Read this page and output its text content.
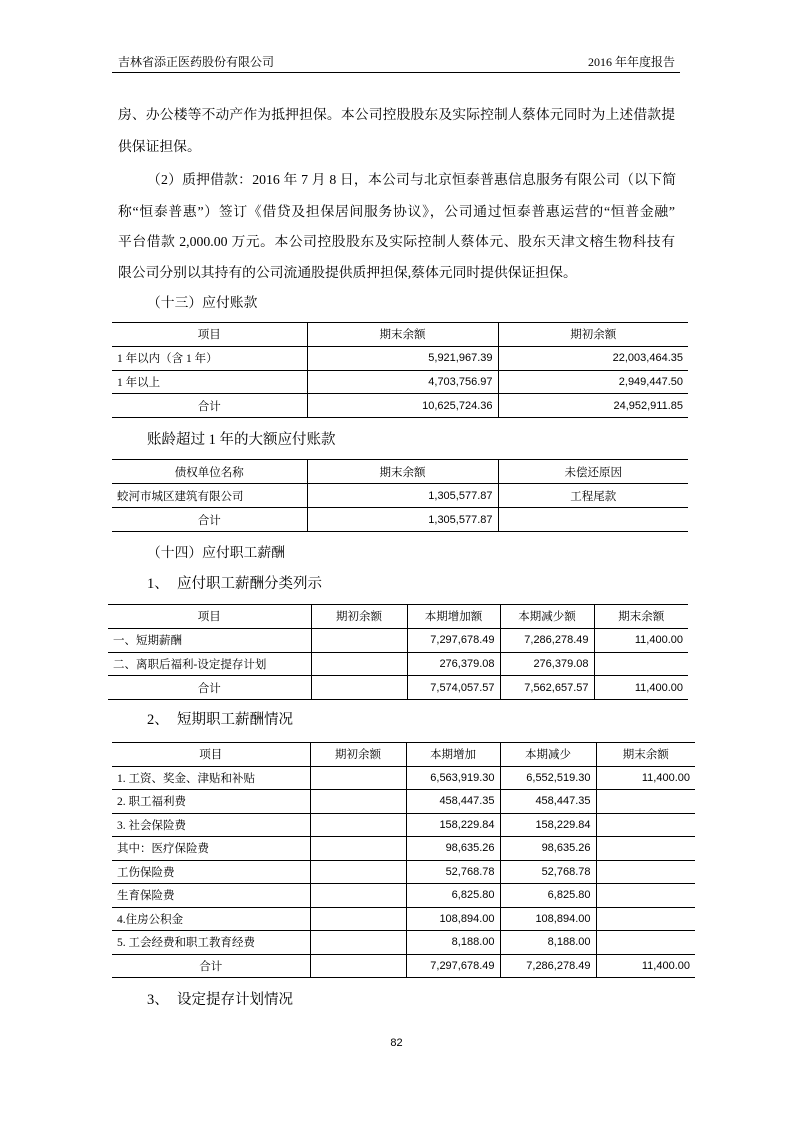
吉林省添正医药股份有限公司	2016 年年度报告
房、办公楼等不动产作为抵押担保。本公司控股股东及实际控制人蔡体元同时为上述借款提
供保证担保。
（2）质押借款：2016 年 7 月 8 日，本公司与北京恒泰普惠信息服务有限公司（以下简
称“恒泰普惠”）签订《借贷及担保居间服务协议》，公司通过恒泰普惠运营的“恒普金融”
平台借款 2,000.00 万元。本公司控股股东及实际控制人蔡体元、股东天津文榕生物科技有
限公司分别以其持有的公司流通股提供质押担保,蔡体元同时提供保证担保。
（十三）应付账款
项目	期末余额	期初余额
1 年以内（含 1 年）	5,921,967.39	22,003,464.35
1 年以上	4,703,756.97	2,949,447.50
合计	10,625,724.36	24,952,911.85
账龄超过 1 年的大额应付账款
债权单位名称	期末余额	未偿还原因
蛟河市城区建筑有限公司	1,305,577.87	工程尾款
合计	1,305,577.87	
（十四）应付职工薪酬
1、 应付职工薪酬分类列示
项目	期初余额	本期增加额	本期减少额	期末余额
一、短期薪酬		7,297,678.49	7,286,278.49	11,400.00
二、离职后福利-设定提存计划		276,379.08	276,379.08	
合计		7,574,057.57	7,562,657.57	11,400.00
2、 短期职工薪酬情况
项目	期初余额	本期增加	本期减少	期末余额
1. 工资、奖金、津贴和补贴		6,563,919.30	6,552,519.30	11,400.00
2. 职工福利费		458,447.35	458,447.35	
3. 社会保险费		158,229.84	158,229.84	
其中：医疗保险费		98,635.26	98,635.26	
工伤保险费		52,768.78	52,768.78	
生育保险费		6,825.80	6,825.80	
4.住房公积金		108,894.00	108,894.00	
5. 工会经费和职工教育经费		8,188.00	8,188.00	
合计		7,297,678.49	7,286,278.49	11,400.00
3、 设定提存计划情况
82
